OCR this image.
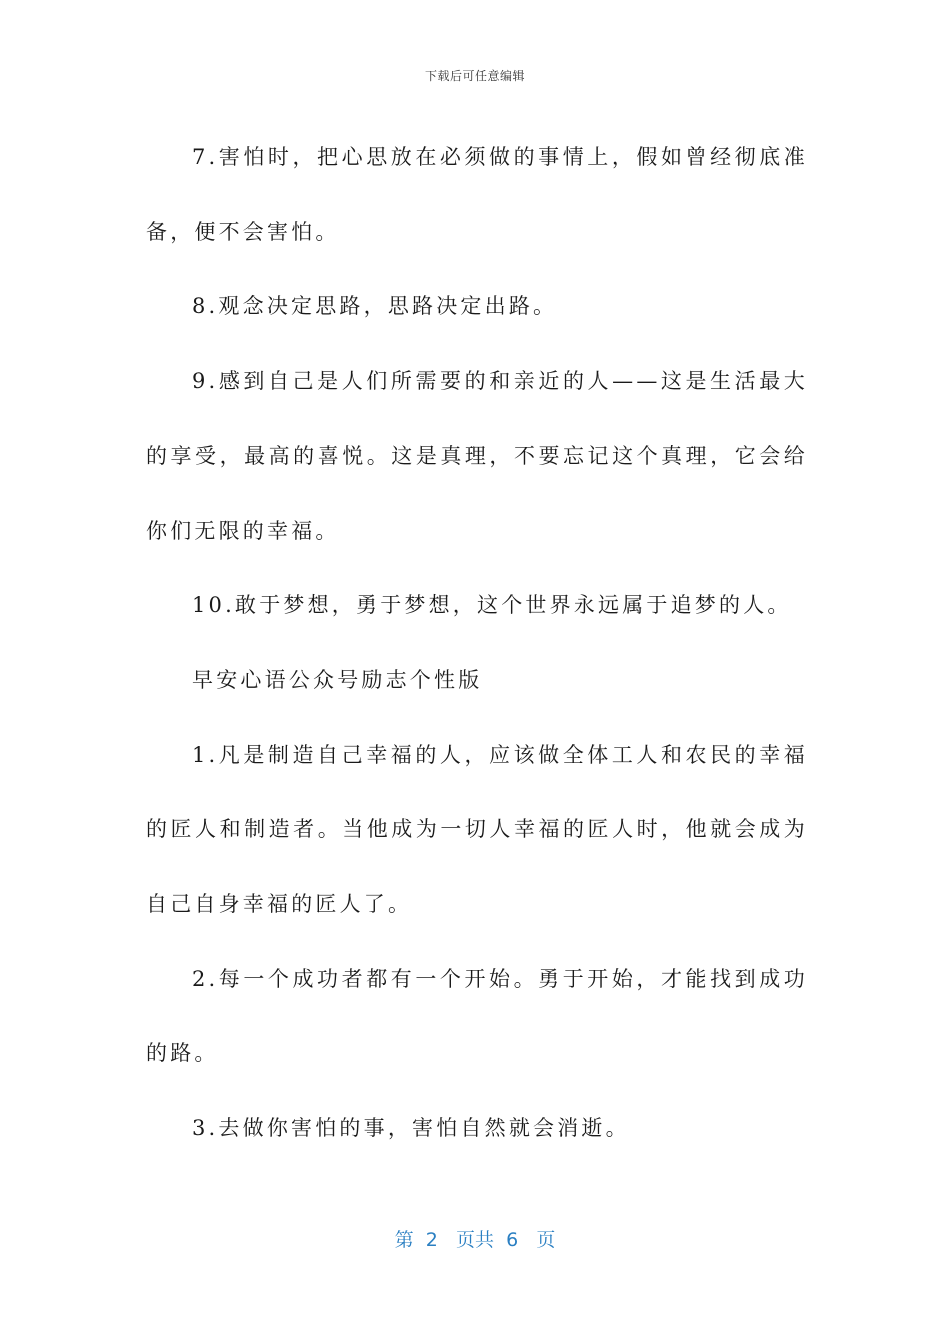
下载后可任意编辑

7.害怕时，把心思放在必须做的事情上，假如曾经彻底准备，便不会害怕。

8.观念决定思路，思路决定出路。

9.感到自己是人们所需要的和亲近的人——这是生活最大的享受，最高的喜悦。这是真理，不要忘记这个真理，它会给你们无限的幸福。

10.敢于梦想，勇于梦想，这个世界永远属于追梦的人。

早安心语公众号励志个性版

1.凡是制造自己幸福的人，应该做全体工人和农民的幸福的匠人和制造者。当他成为一切人幸福的匠人时，他就会成为自己自身幸福的匠人了。

2.每一个成功者都有一个开始。勇于开始，才能找到成功的路。

3.去做你害怕的事，害怕自然就会消逝。

第 2 页共 6 页
